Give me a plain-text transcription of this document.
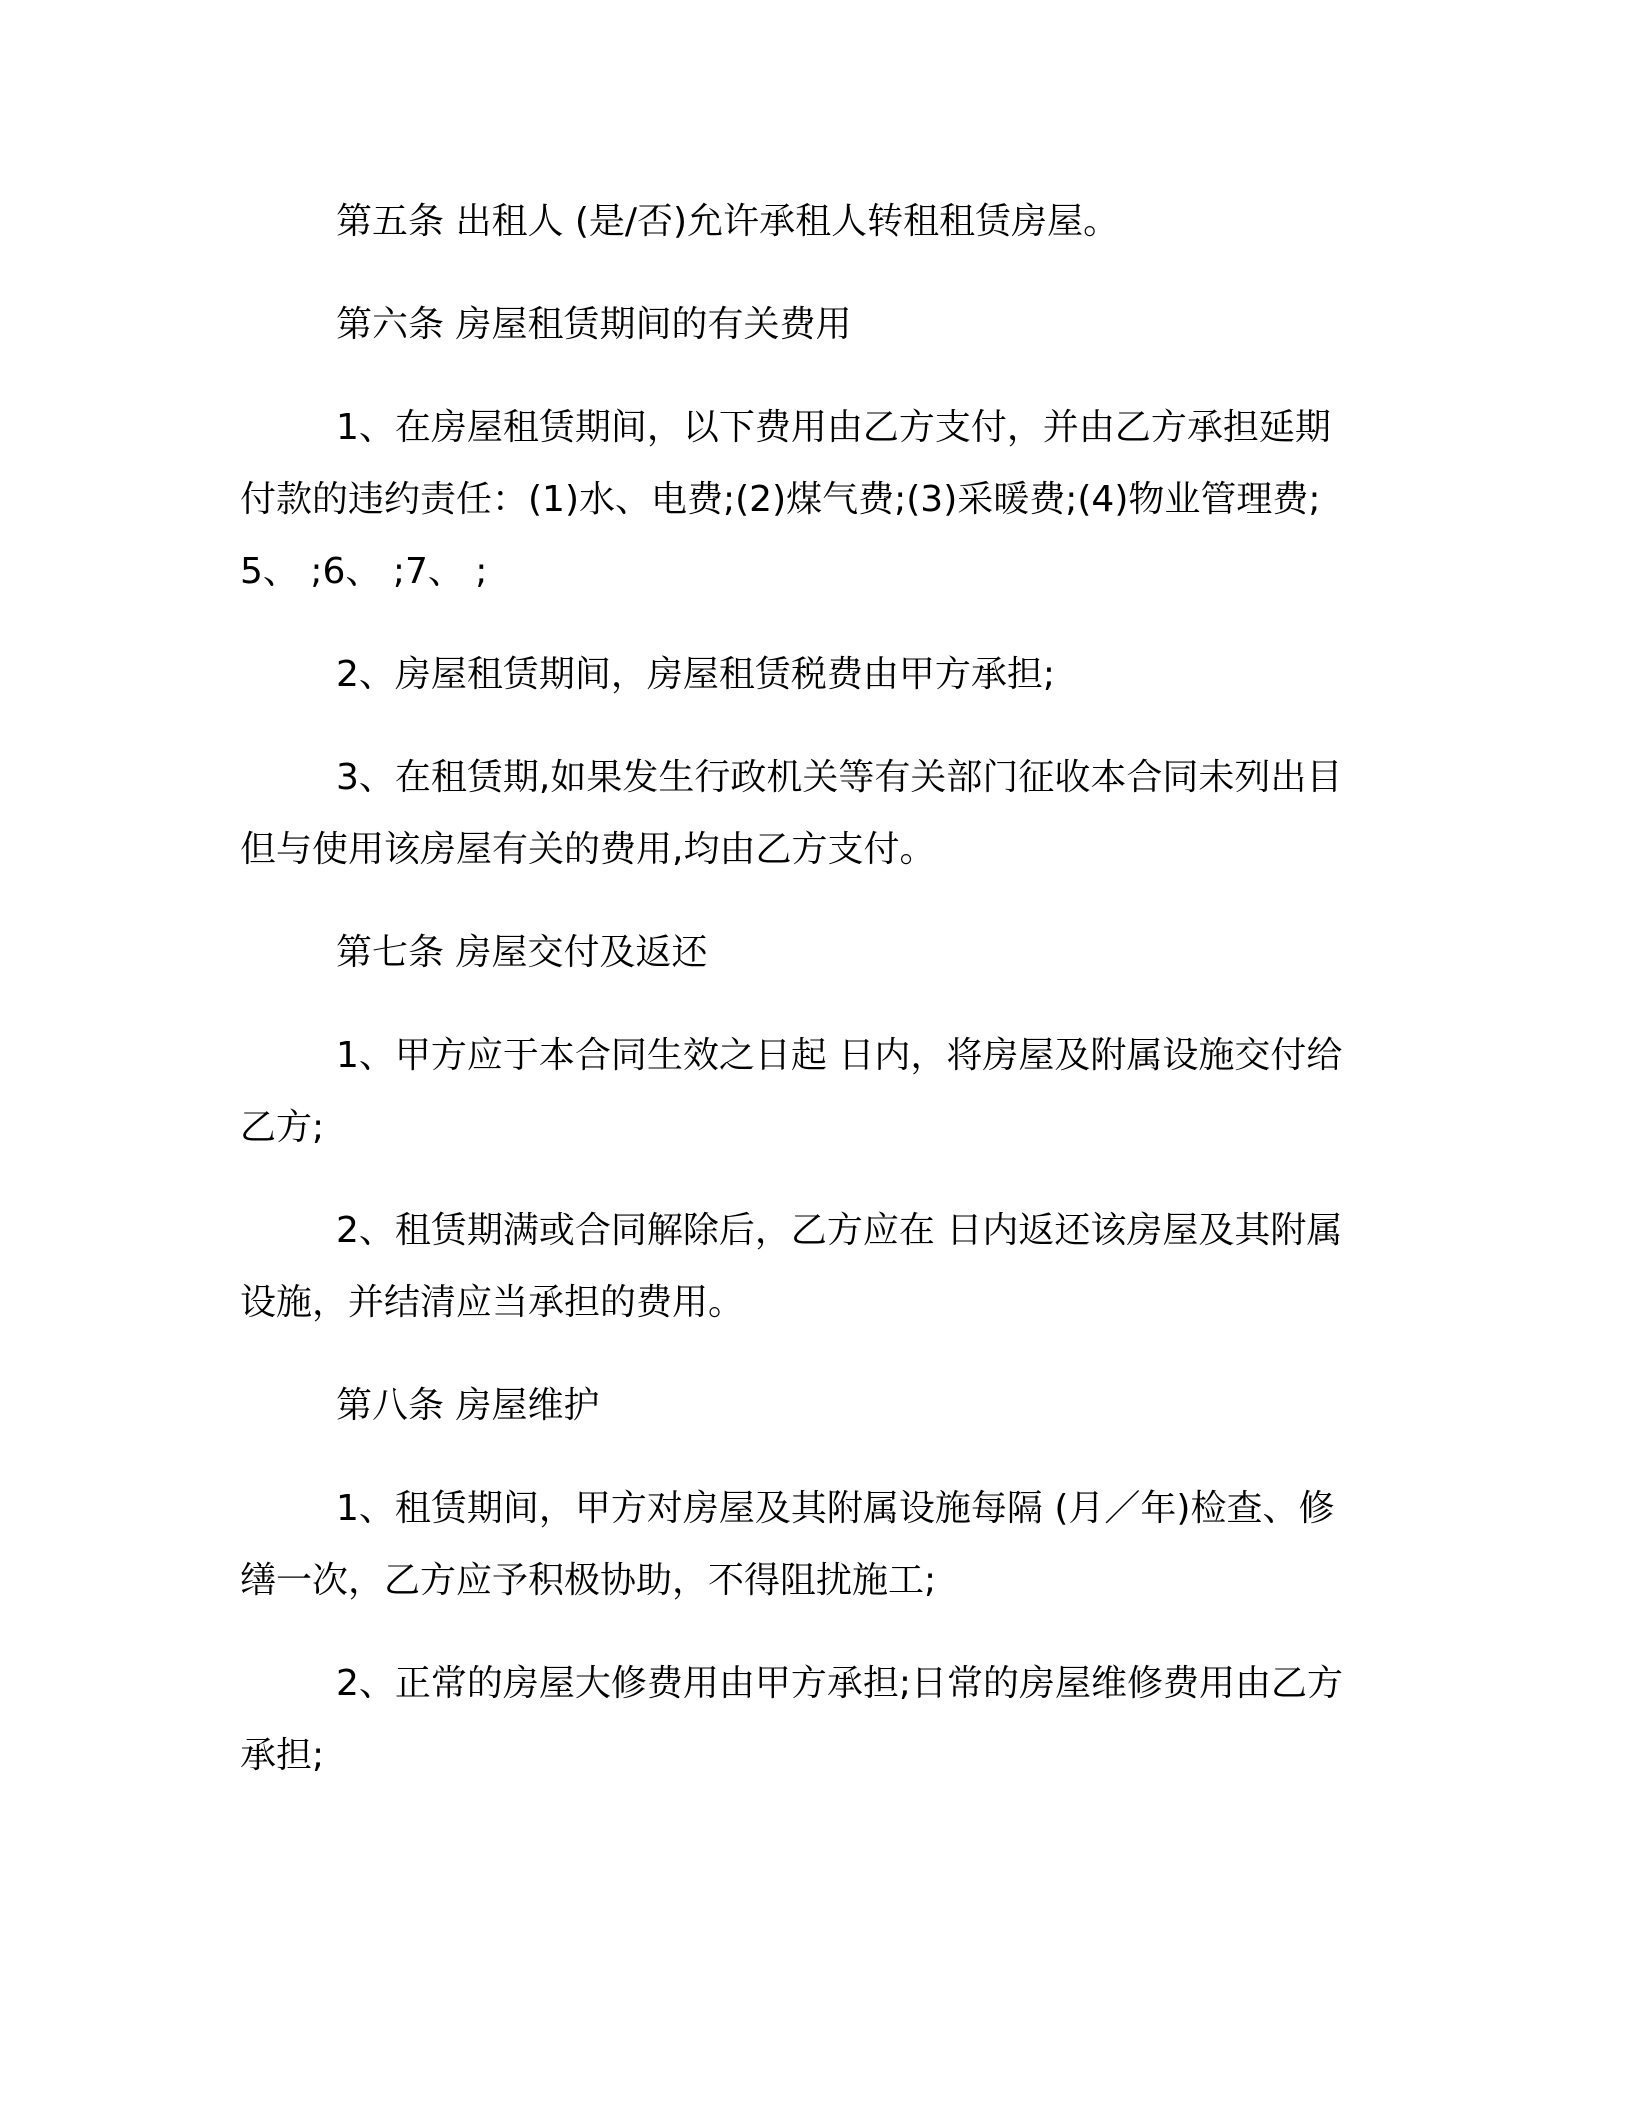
第五条 出租人 (是/否)允许承租人转租租赁房屋。

第六条 房屋租赁期间的有关费用

1、在房屋租赁期间，以下费用由乙方支付，并由乙方承担延期
付款的违约责任：(1)水、电费;(2)煤气费;(3)采暖费;(4)物业管理费;
5、 ;6、 ;7、 ;

2、房屋租赁期间，房屋租赁税费由甲方承担;

3、在租赁期,如果发生行政机关等有关部门征收本合同未列出目
但与使用该房屋有关的费用,均由乙方支付。

第七条 房屋交付及返还

1、甲方应于本合同生效之日起 日内，将房屋及附属设施交付给
乙方;

2、租赁期满或合同解除后，乙方应在 日内返还该房屋及其附属
设施，并结清应当承担的费用。

第八条 房屋维护

1、租赁期间，甲方对房屋及其附属设施每隔 (月／年)检查、修
缮一次，乙方应予积极协助，不得阻扰施工;

2、正常的房屋大修费用由甲方承担;日常的房屋维修费用由乙方
承担;
